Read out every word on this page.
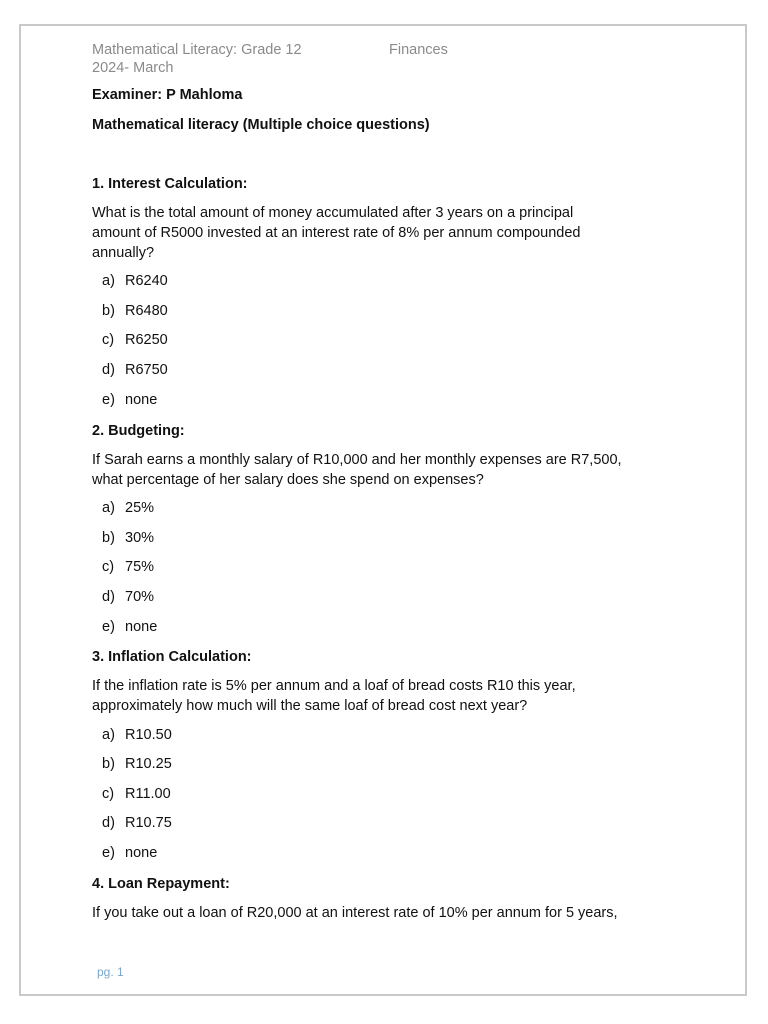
Mathematical Literacy: Grade 12	Finances
2024- March
Examiner: P Mahloma
Mathematical literacy (Multiple choice questions)
1. Interest Calculation:
What is the total amount of money accumulated after 3 years on a principal
amount of R5000 invested at an interest rate of 8% per annum compounded
annually?
a) R6240
b) R6480
c) R6250
d) R6750
e) none
2. Budgeting:
If Sarah earns a monthly salary of R10,000 and her monthly expenses are R7,500,
what percentage of her salary does she spend on expenses?
a) 25%
b) 30%
c) 75%
d) 70%
e) none
3. Inflation Calculation:
If the inflation rate is 5% per annum and a loaf of bread costs R10 this year,
approximately how much will the same loaf of bread cost next year?
a) R10.50
b) R10.25
c) R11.00
d) R10.75
e) none
4. Loan Repayment:
If you take out a loan of R20,000 at an interest rate of 10% per annum for 5 years,
pg. 1
